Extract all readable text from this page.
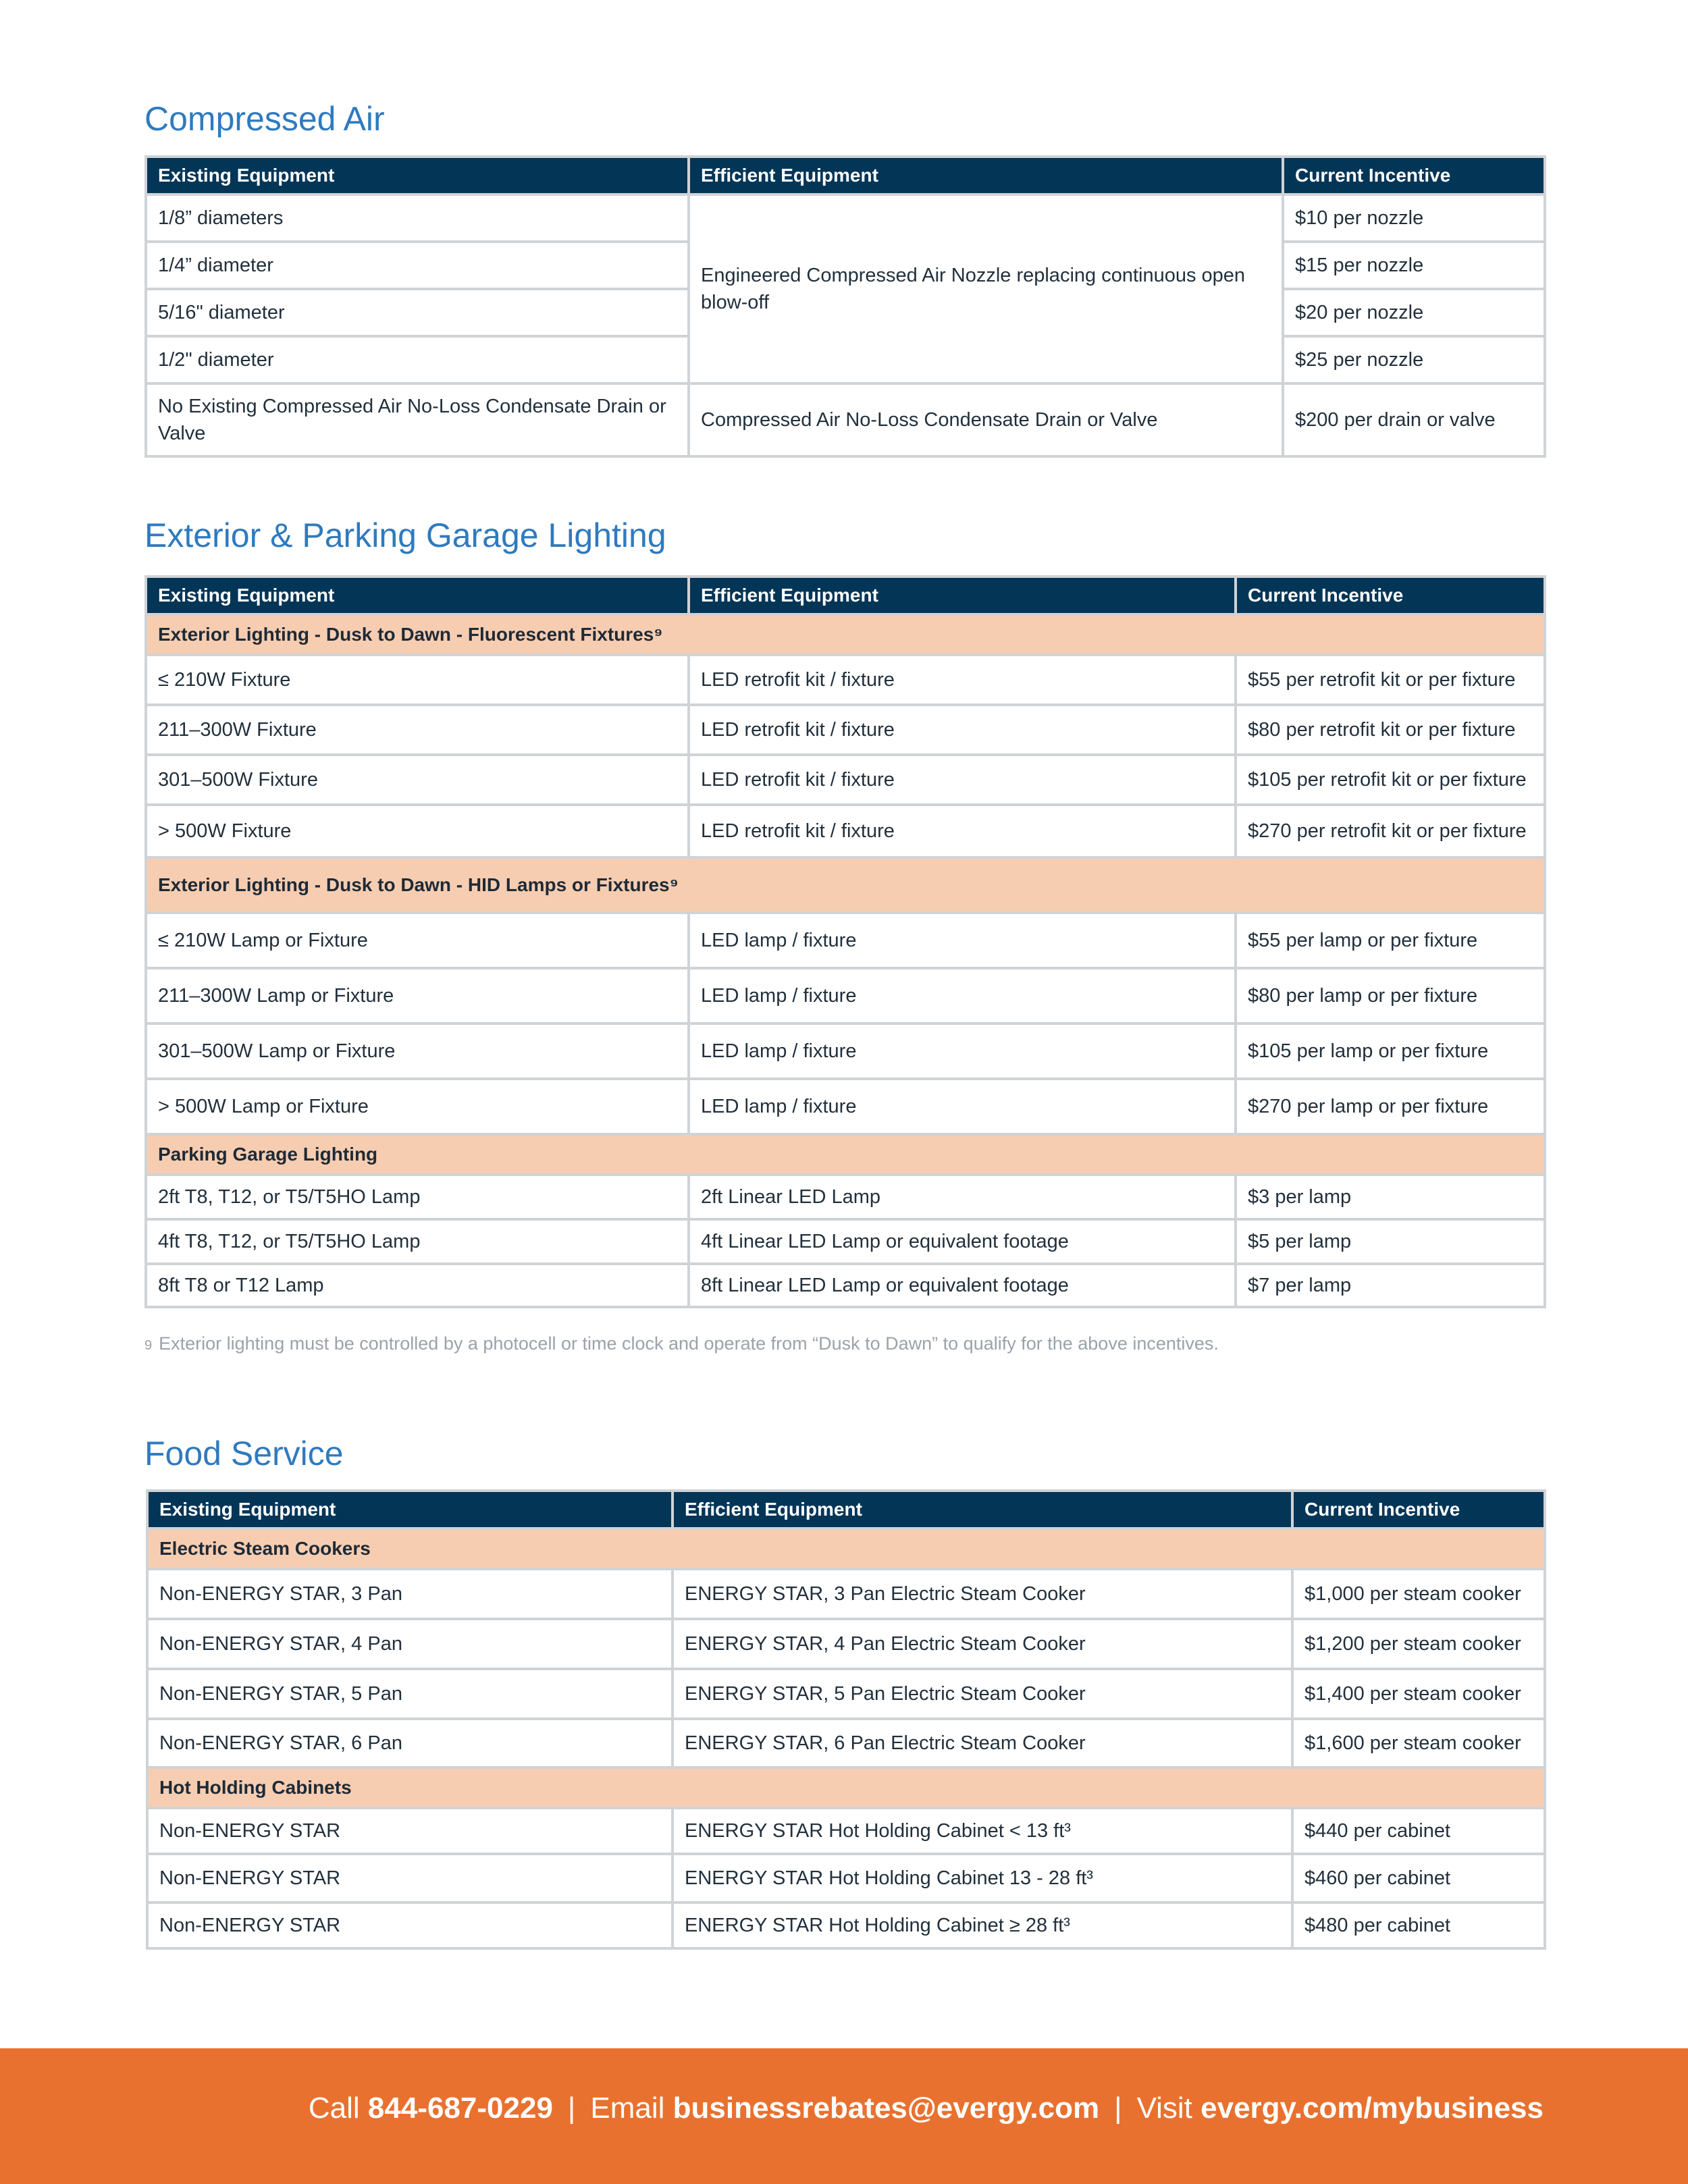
Compressed Air
Existing Equipment	Efficient Equipment	Current Incentive
1/8” diameters	Engineered Compressed Air Nozzle replacing continuous open blow-off	$10 per nozzle
1/4” diameter		$15 per nozzle
5/16" diameter		$20 per nozzle
1/2" diameter		$25 per nozzle
No Existing Compressed Air No-Loss Condensate Drain or Valve	Compressed Air No-Loss Condensate Drain or Valve	$200 per drain or valve
Exterior & Parking Garage Lighting
Existing Equipment	Efficient Equipment	Current Incentive
Exterior Lighting - Dusk to Dawn - Fluorescent Fixtures⁹		
≤ 210W Fixture	LED retrofit kit / fixture	$55 per retrofit kit or per fixture
211–300W Fixture	LED retrofit kit / fixture	$80 per retrofit kit or per fixture
301–500W Fixture	LED retrofit kit / fixture	$105 per retrofit kit or per fixture
> 500W Fixture	LED retrofit kit / fixture	$270 per retrofit kit or per fixture
Exterior Lighting - Dusk to Dawn - HID Lamps or Fixtures⁹		
≤ 210W Lamp or Fixture	LED lamp / fixture	$55 per lamp or per fixture
211–300W Lamp or Fixture	LED lamp / fixture	$80 per lamp or per fixture
301–500W Lamp or Fixture	LED lamp / fixture	$105 per lamp or per fixture
> 500W Lamp or Fixture	LED lamp / fixture	$270 per lamp or per fixture
Parking Garage Lighting		
2ft T8, T12, or T5/T5HO Lamp	2ft Linear LED Lamp	$3 per lamp
4ft T8, T12, or T5/T5HO Lamp	4ft Linear LED Lamp or equivalent footage	$5 per lamp
8ft T8 or T12 Lamp	8ft Linear LED Lamp or equivalent footage	$7 per lamp
9 Exterior lighting must be controlled by a photocell or time clock and operate from “Dusk to Dawn” to qualify for the above incentives.
Food Service
Existing Equipment	Efficient Equipment	Current Incentive
Electric Steam Cookers		
Non-ENERGY STAR, 3 Pan	ENERGY STAR, 3 Pan Electric Steam Cooker	$1,000 per steam cooker
Non-ENERGY STAR, 4 Pan	ENERGY STAR, 4 Pan Electric Steam Cooker	$1,200 per steam cooker
Non-ENERGY STAR, 5 Pan	ENERGY STAR, 5 Pan Electric Steam Cooker	$1,400 per steam cooker
Non-ENERGY STAR, 6 Pan	ENERGY STAR, 6 Pan Electric Steam Cooker	$1,600 per steam cooker
Hot Holding Cabinets		
Non-ENERGY STAR	ENERGY STAR Hot Holding Cabinet < 13 ft³	$440 per cabinet
Non-ENERGY STAR	ENERGY STAR Hot Holding Cabinet 13 - 28 ft³	$460 per cabinet
Non-ENERGY STAR	ENERGY STAR Hot Holding Cabinet ≥ 28 ft³	$480 per cabinet
Call 844-687-0229 | Email businessrebates@evergy.com | Visit evergy.com/mybusiness
